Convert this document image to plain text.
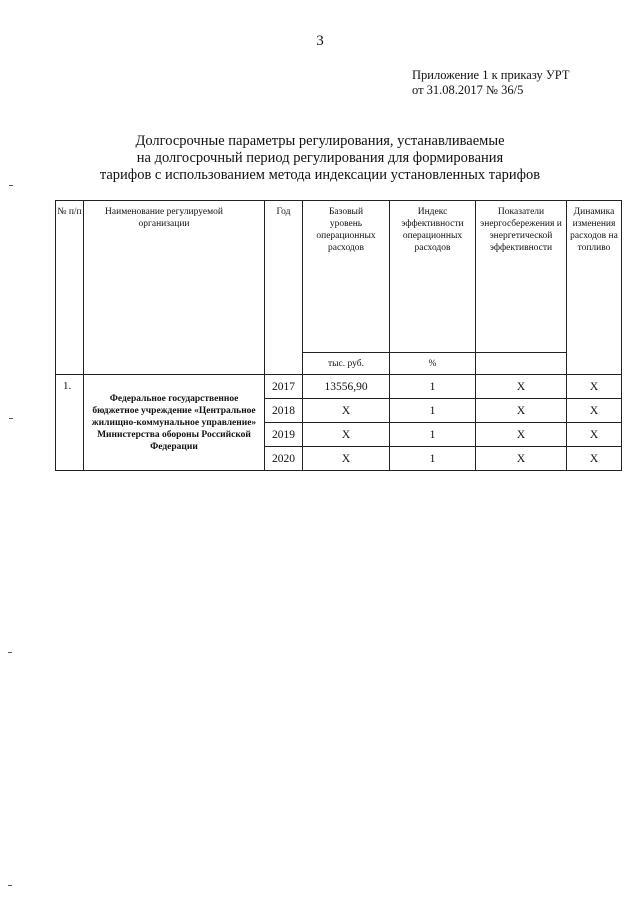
3
Приложение 1 к приказу УРТ
от 31.08.2017 № 36/5
Долгосрочные параметры регулирования, устанавливаемые
на долгосрочный период регулирования для формирования
тарифов с использованием метода индексации установленных тарифов
№ п/п	Наименование регулируемой организации	Год	Базовый уровень операционных расходов	Индекс эффективности операционных расходов	Показатели энергосбережения и энергетической эффективности	Динамика изменения расходов на топливо
			тыс. руб.	%		
1.	Федеральное государственное бюджетное учреждение «Центральное жилищно-коммунальное управление» Министерства обороны Российской Федерации	2017	13556,90	1	X	X
		2018	X	1	X	X
		2019	X	1	X	X
		2020	X	1	X	X
